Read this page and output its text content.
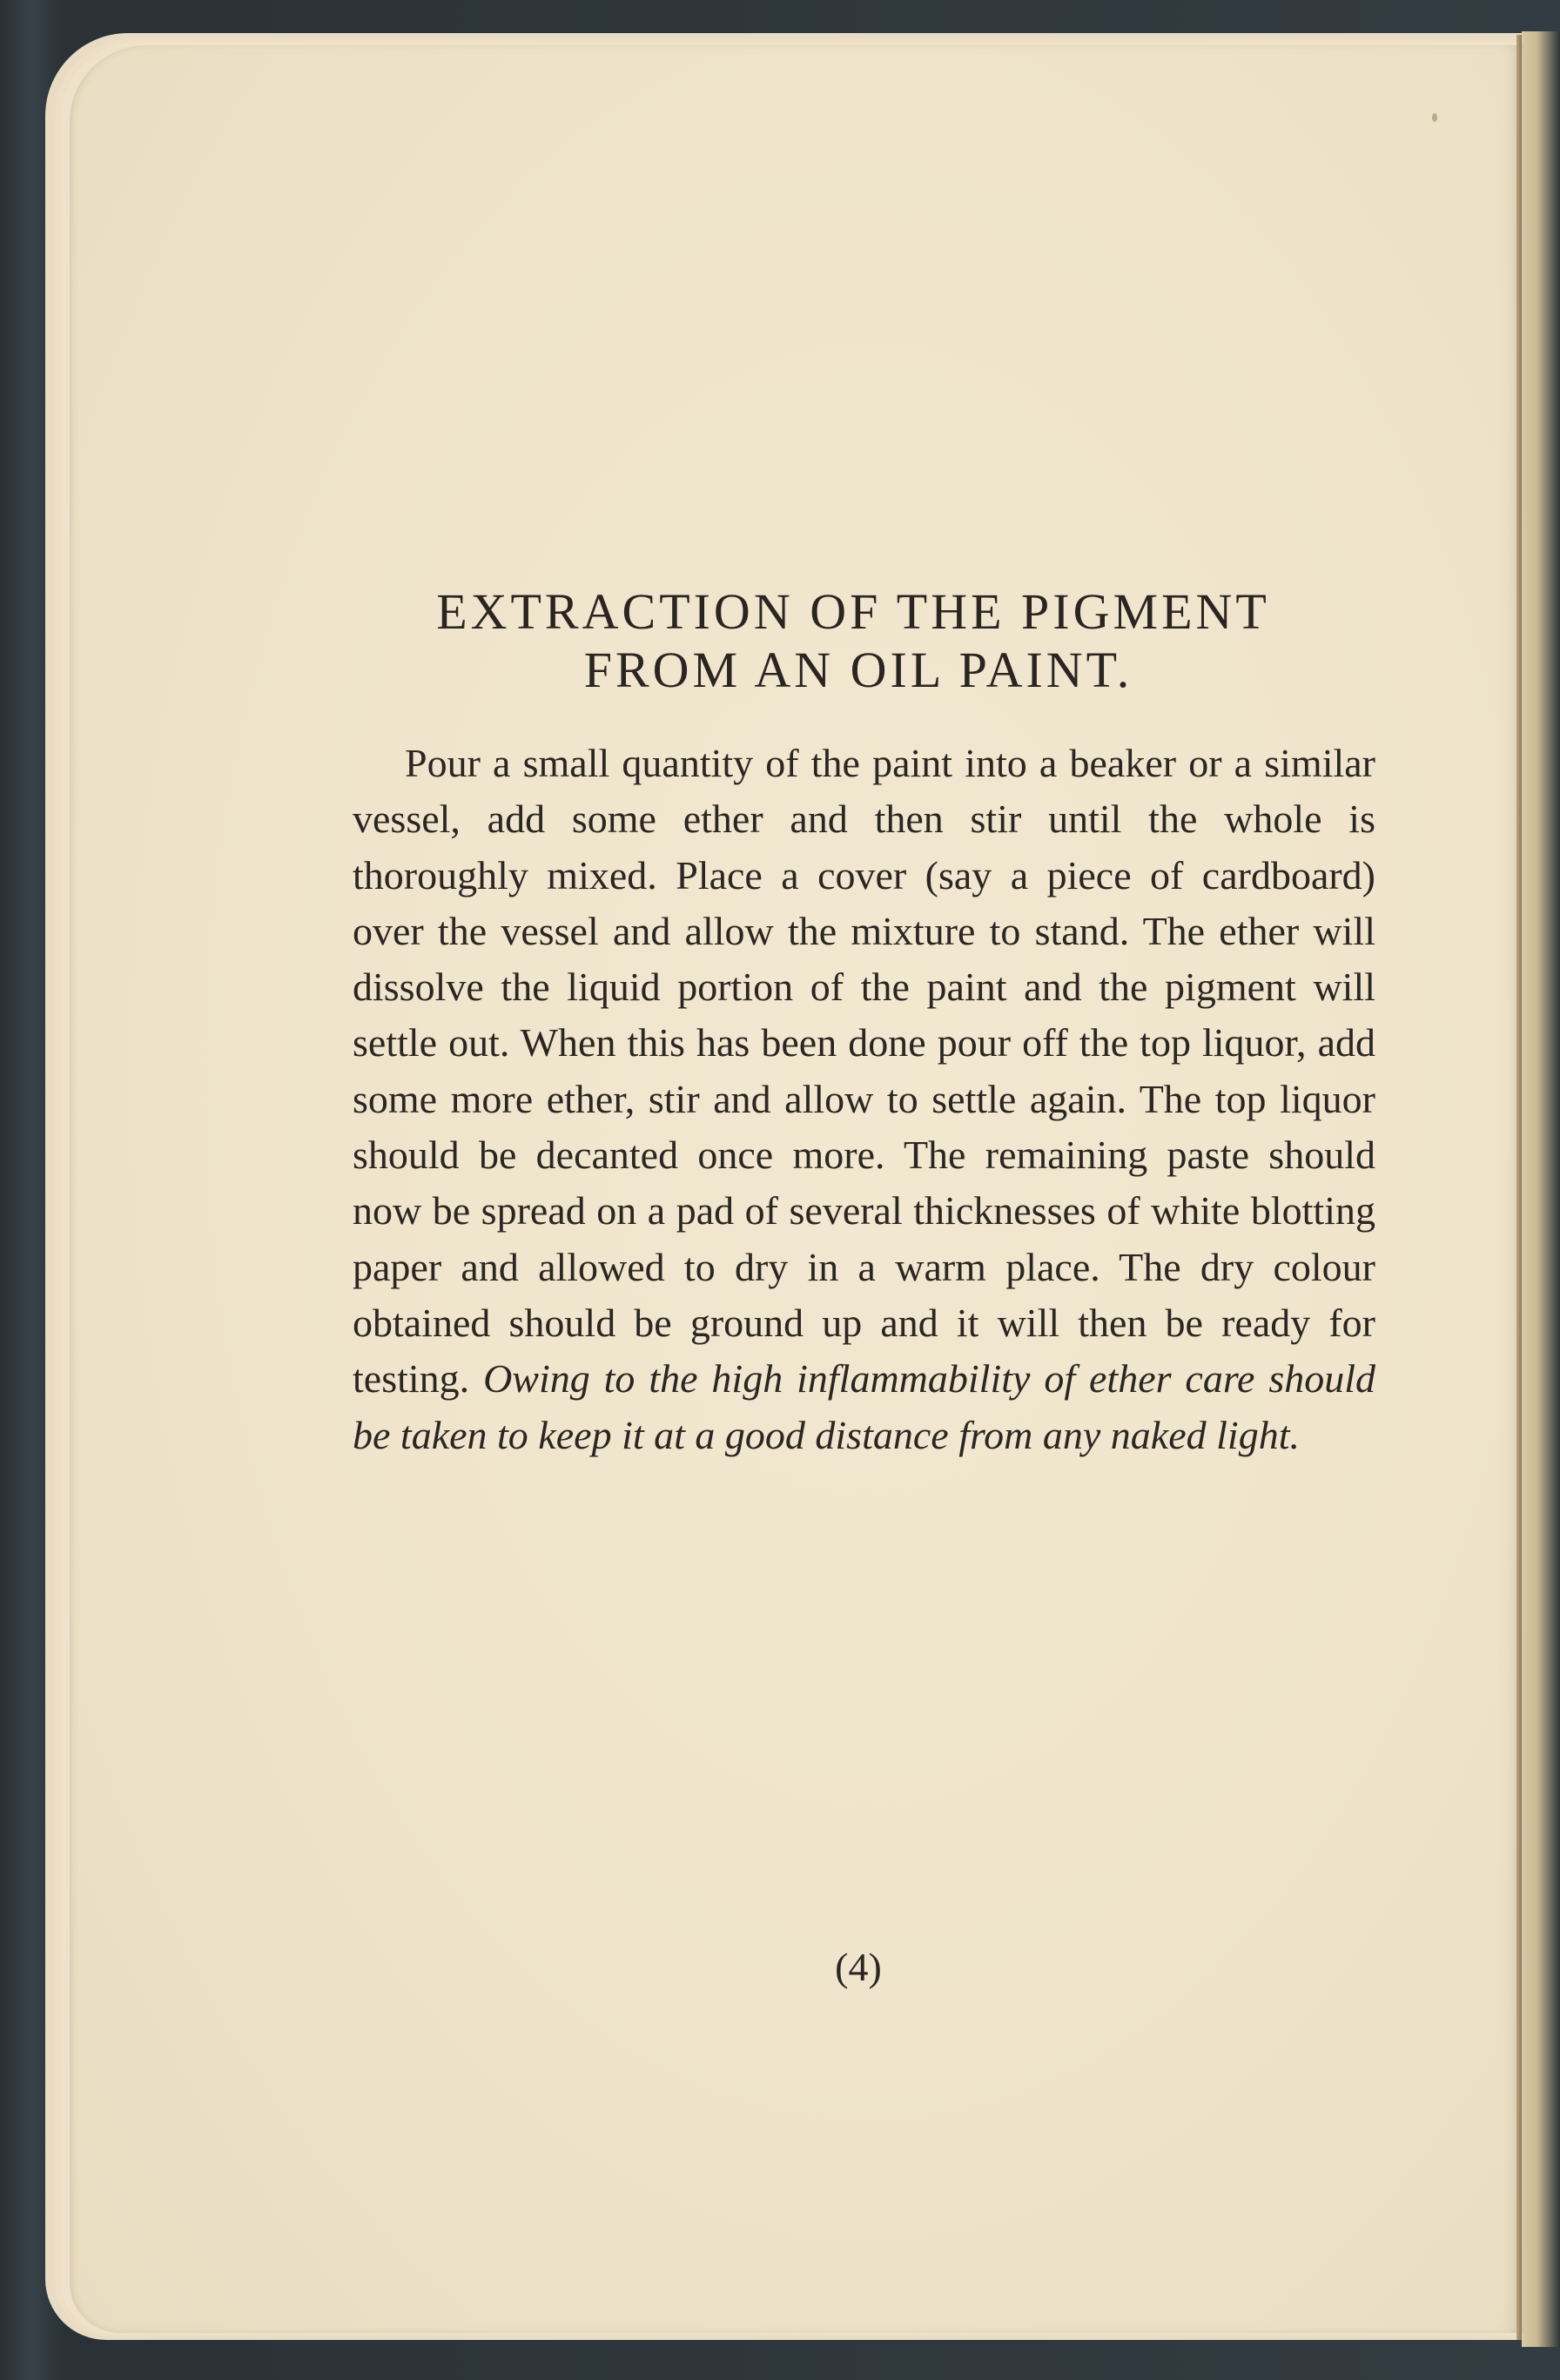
EXTRACTION OF THE PIGMENT
FROM AN OIL PAINT.

Pour a small quantity of the paint into a beaker or a similar vessel, add some ether and then stir until the whole is thoroughly mixed. Place a cover (say a piece of cardboard) over the vessel and allow the mixture to stand. The ether will dissolve the liquid portion of the paint and the pigment will settle out. When this has been done pour off the top liquor, add some more ether, stir and allow to settle again. The top liquor should be decanted once more. The remaining paste should now be spread on a pad of several thicknesses of white blotting paper and allowed to dry in a warm place. The dry colour obtained should be ground up and it will then be ready for testing. Owing to the high inflammability of ether care should be taken to keep it at a good distance from any naked light.

(4)
